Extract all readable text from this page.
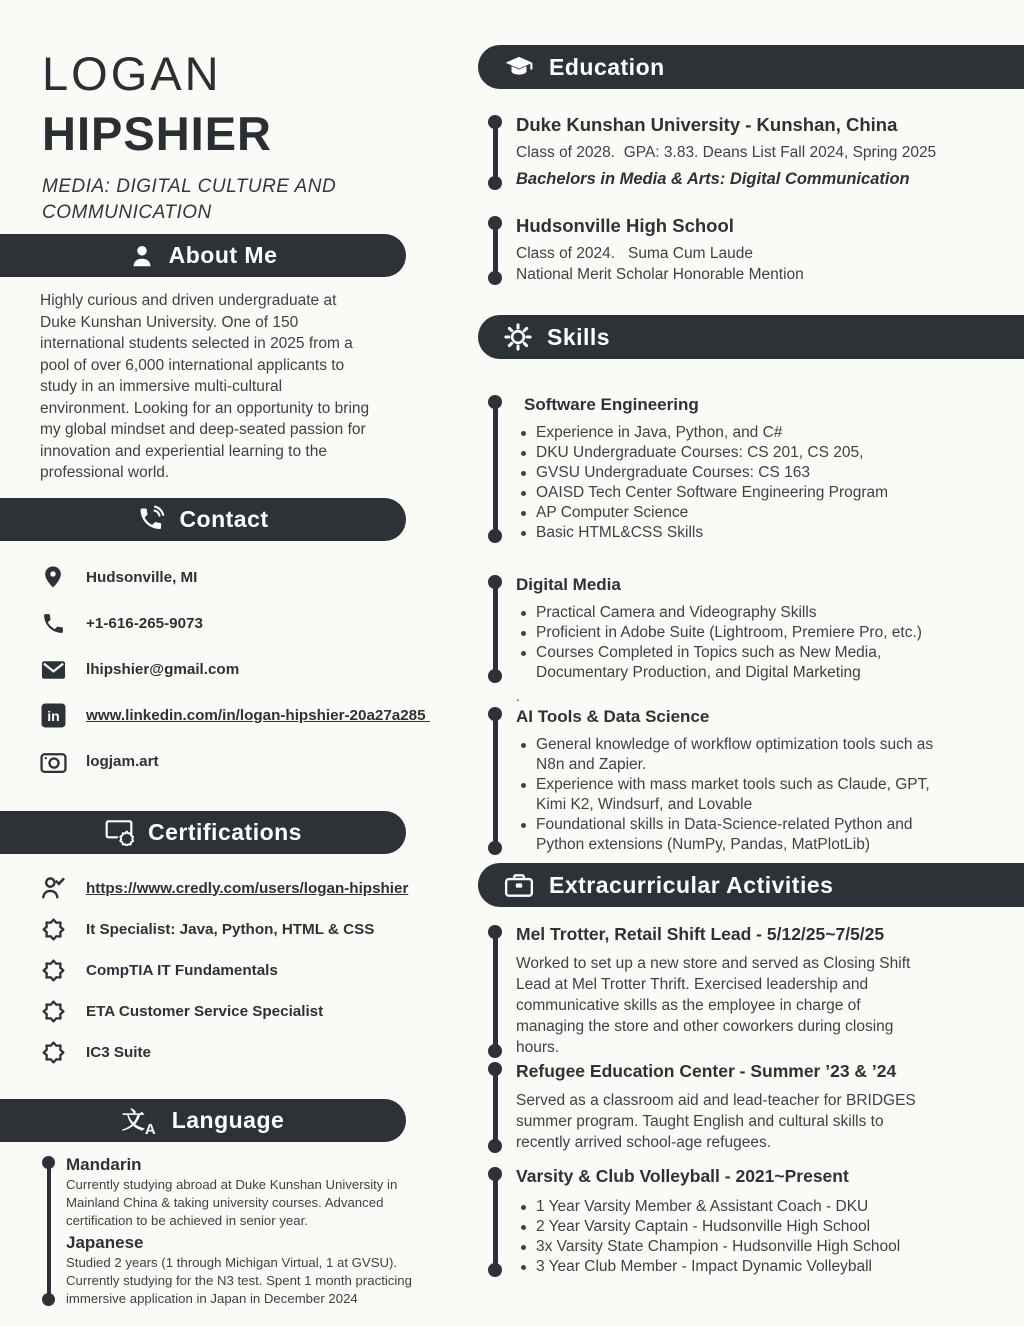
LOGAN
HIPSHIER
MEDIA: DIGITAL CULTURE AND COMMUNICATION
About Me

Highly curious and driven undergraduate at Duke Kunshan University. One of 150 international students selected in 2025 from a pool of over 6,000 international applicants to study in an immersive multi-cultural environment. Looking for an opportunity to bring my global mindset and deep-seated passion for innovation and experiential learning to the professional world.

Contact
Hudsonville, MI
+1-616-265-9073
lhipshier@gmail.com
in www.linkedin.com/in/logan-hipshier-20a27a285
logjam.art
Certifications
https://www.credly.com/users/logan-hipshier
It Specialist: Java, Python, HTML & CSS
CompTIA IT Fundamentals
ETA Customer Service Specialist
IC3 Suite
文 A Language
Mandarin
Currently studying abroad at Duke Kunshan University in Mainland China & taking university courses. Advanced certification to be achieved in senior year.
Japanese
Studied 2 years (1 through Michigan Virtual, 1 at GVSU). Currently studying for the N3 test. Spent 1 month practicing immersive application in Japan in December 2024
Education
Duke Kunshan University - Kunshan, China
Class of 2028.  GPA: 3.83. Deans List Fall 2024, Spring 2025
Bachelors in Media & Arts: Digital Communication
Hudsonville High School
Class of 2024.   Suma Cum Laude
National Merit Scholar Honorable Mention
Skills
Software Engineering
Experience in Java, Python, and C#
DKU Undergraduate Courses: CS 201, CS 205,
GVSU Undergraduate Courses: CS 163
OAISD Tech Center Software Engineering Program
AP Computer Science
Basic HTML&CSS Skills
Digital Media
Practical Camera and Videography Skills
Proficient in Adobe Suite (Lightroom, Premiere Pro, etc.)
Courses Completed in Topics such as New Media, Documentary Production, and Digital Marketing
.
AI Tools & Data Science
General knowledge of workflow optimization tools such as N8n and Zapier.
Experience with mass market tools such as Claude, GPT, Kimi K2, Windsurf, and Lovable
Foundational skills in Data-Science-related Python and Python extensions (NumPy, Pandas, MatPlotLib)
Extracurricular Activities
Mel Trotter, Retail Shift Lead - 5/12/25~7/5/25
Worked to set up a new store and served as Closing Shift Lead at Mel Trotter Thrift. Exercised leadership and communicative skills as the employee in charge of managing the store and other coworkers during closing hours.
Refugee Education Center - Summer ’23 & ’24
Served as a classroom aid and lead-teacher for BRIDGES summer program. Taught English and cultural skills to recently arrived school-age refugees.
Varsity & Club Volleyball - 2021~Present
1 Year Varsity Member & Assistant Coach - DKU
2 Year Varsity Captain - Hudsonville High School
3x Varsity State Champion - Hudsonville High School
3 Year Club Member - Impact Dynamic Volleyball
